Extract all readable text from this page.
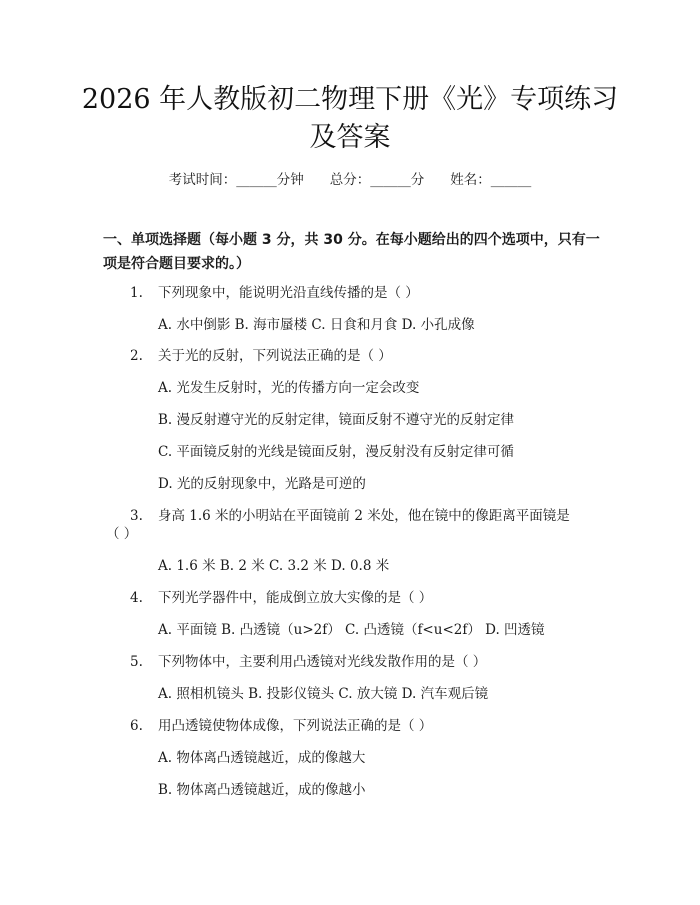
2026 年人教版初二物理下册《光》专项练习
及答案
考试时间：______分钟 总分：______分 姓名：______
一、单项选择题（每小题 3 分，共 30 分。在每小题给出的四个选项中，只有一项是符合题目要求的。）
1. 下列现象中，能说明光沿直线传播的是（ ）
A. 水中倒影 B. 海市蜃楼 C. 日食和月食 D. 小孔成像
2. 关于光的反射，下列说法正确的是（ ）
A. 光发生反射时，光的传播方向一定会改变
B. 漫反射遵守光的反射定律，镜面反射不遵守光的反射定律
C. 平面镜反射的光线是镜面反射，漫反射没有反射定律可循
D. 光的反射现象中，光路是可逆的
3. 身高 1.6 米的小明站在平面镜前 2 米处，他在镜中的像距离平面镜是
（ ）
A. 1.6 米 B. 2 米 C. 3.2 米 D. 0.8 米
4. 下列光学器件中，能成倒立放大实像的是（ ）
A. 平面镜 B. 凸透镜（u>2f） C. 凸透镜（f<u<2f） D. 凹透镜
5. 下列物体中，主要利用凸透镜对光线发散作用的是（ ）
A. 照相机镜头 B. 投影仪镜头 C. 放大镜 D. 汽车观后镜
6. 用凸透镜使物体成像，下列说法正确的是（ ）
A. 物体离凸透镜越近，成的像越大
B. 物体离凸透镜越近，成的像越小
